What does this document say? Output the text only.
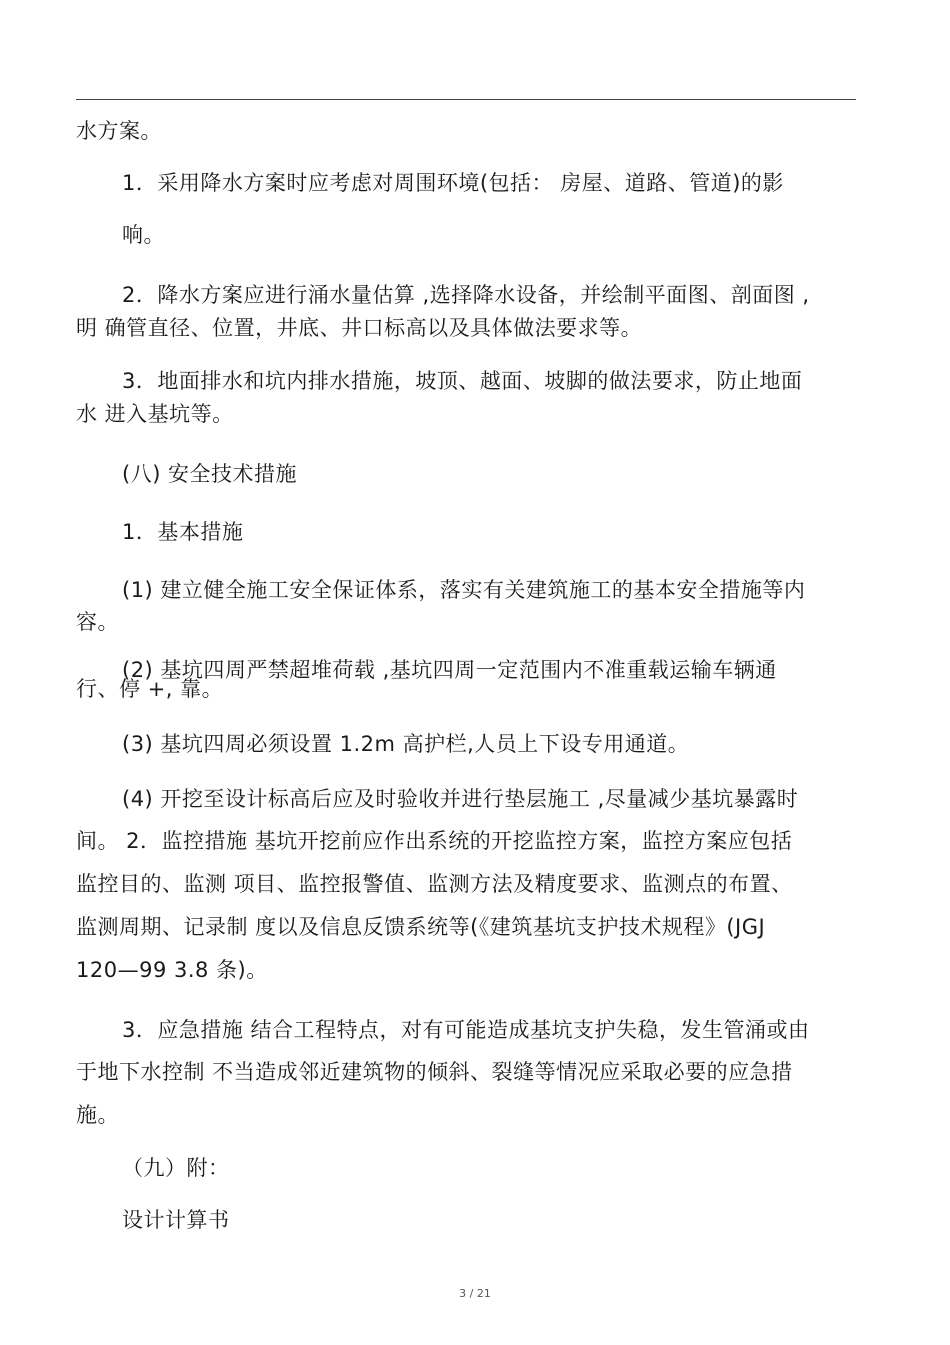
水方案。
1．采用降水方案时应考虑对周围环境(包括： 房屋、道路、管道)的影
响。
2．降水方案应进行涌水量估算 ,选择降水设备，并绘制平面图、剖面图 ,
明 确管直径、位置，井底、井口标高以及具体做法要求等。
3．地面排水和坑内排水措施，坡顶、越面、坡脚的做法要求，防止地面
水 进入基坑等。
(八) 安全技术措施
1．基本措施
(1) 建立健全施工安全保证体系，落实有关建筑施工的基本安全措施等内
容。
(2) 基坑四周严禁超堆荷载 ,基坑四周一定范围内不准重载运输车辆通
行、停 +, 靠。
(3) 基坑四周必须设置 1.2m 高护栏,人员上下设专用通道。
(4) 开挖至设计标高后应及时验收并进行垫层施工 ,尽量减少基坑暴露时
间。 2．监控措施 基坑开挖前应作出系统的开挖监控方案，监控方案应包括
监控目的、监测 项目、监控报警值、监测方法及精度要求、监测点的布置、
监测周期、记录制 度以及信息反馈系统等(《建筑基坑支护技术规程》(JGJ
120—99 3.8 条)。
3．应急措施 结合工程特点，对有可能造成基坑支护失稳，发生管涌或由
于地下水控制 不当造成邻近建筑物的倾斜、裂缝等情况应采取必要的应急措
施。
（九）附：
设计计算书
3 / 21
